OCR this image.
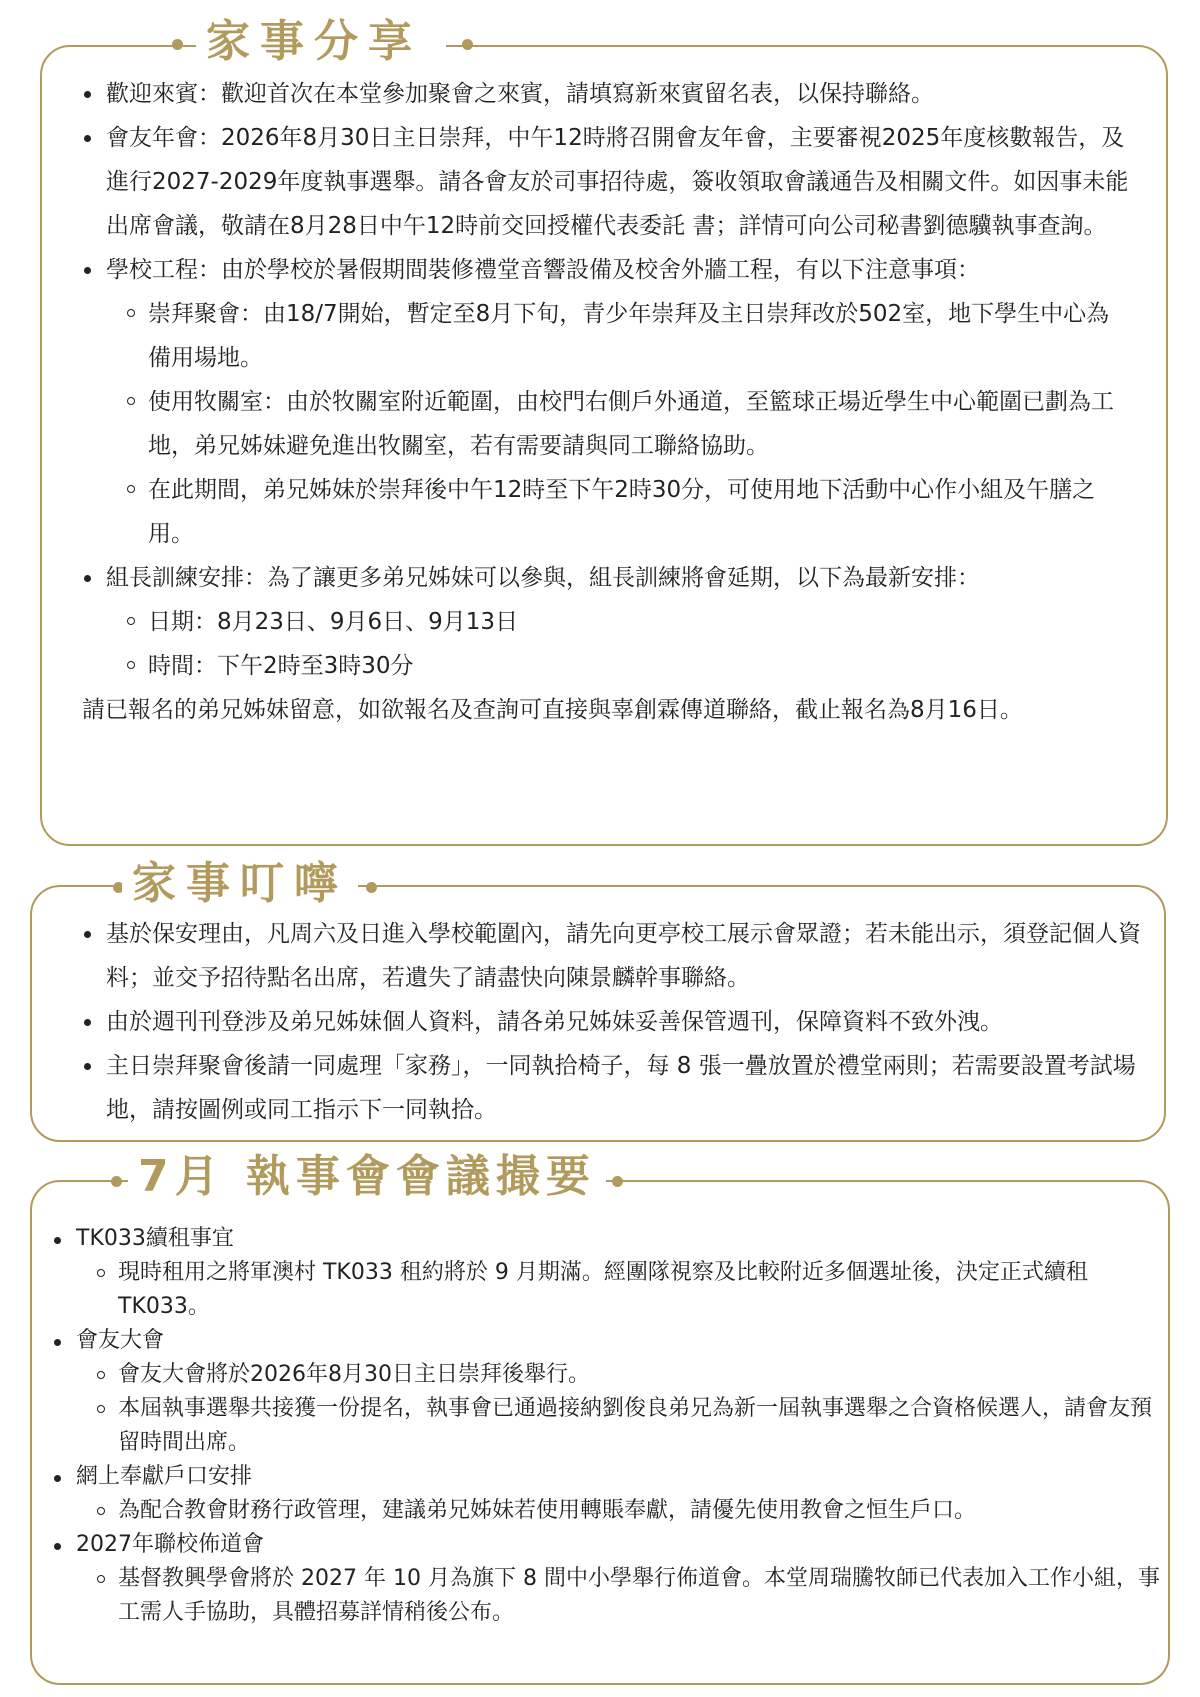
家事分享
歡迎來賓：歡迎首次在本堂參加聚會之來賓，請填寫新來賓留名表，以保持聯絡。
會友年會：2026年8月30日主日崇拜，中午12時將召開會友年會，主要審視2025年度核數報告，及進行2027-2029年度執事選舉。請各會友於司事招待處，簽收領取會議通告及相關文件。如因事未能出席會議，敬請在8月28日中午12時前交回授權代表委託 書；詳情可向公司秘書劉德驥執事查詢。
學校工程：由於學校於暑假期間裝修禮堂音響設備及校舍外牆工程，有以下注意事項：
崇拜聚會：由18/7開始，暫定至8月下旬，青少年崇拜及主日崇拜改於502室，地下學生中心為備用場地。
使用牧關室：由於牧關室附近範圍，由校門右側戶外通道，至籃球正場近學生中心範圍已劃為工地，弟兄姊妹避免進出牧關室，若有需要請與同工聯絡協助。
在此期間，弟兄姊妹於崇拜後中午12時至下午2時30分，可使用地下活動中心作小組及午膳之用。
組長訓練安排：為了讓更多弟兄姊妹可以參與，組長訓練將會延期，以下為最新安排：
日期：8月23日、9月6日、9月13日
時間：下午2時至3時30分

請已報名的弟兄姊妹留意，如欲報名及查詢可直接與辜創霖傳道聯絡，截止報名為8月16日。

家事叮嚀
基於保安理由，凡周六及日進入學校範圍內，請先向更亭校工展示會眾證；若未能出示，須登記個人資料；並交予招待點名出席，若遺失了請盡快向陳景麟幹事聯絡。
由於週刊刊登涉及弟兄姊妹個人資料，請各弟兄姊妹妥善保管週刊，保障資料不致外洩。
主日崇拜聚會後請一同處理「家務」，一同執拾椅子，每 8 張一疊放置於禮堂兩則；若需要設置考試場地，請按圖例或同工指示下一同執拾。
7月 執事會會議撮要
TK033續租事宜
現時租用之將軍澳村 TK033 租約將於 9 月期滿。經團隊視察及比較附近多個選址後，決定正式續租 TK033。
會友大會
會友大會將於2026年8月30日主日崇拜後舉行。
本屆執事選舉共接獲一份提名，執事會已通過接納劉俊良弟兄為新一屆執事選舉之合資格候選人，請會友預留時間出席。
網上奉獻戶口安排
為配合教會財務行政管理，建議弟兄姊妹若使用轉賬奉獻，請優先使用教會之恒生戶口。
2027年聯校佈道會
基督教興學會將於 2027 年 10 月為旗下 8 間中小學舉行佈道會。本堂周瑞騰牧師已代表加入工作小組，事工需人手協助，具體招募詳情稍後公布。
